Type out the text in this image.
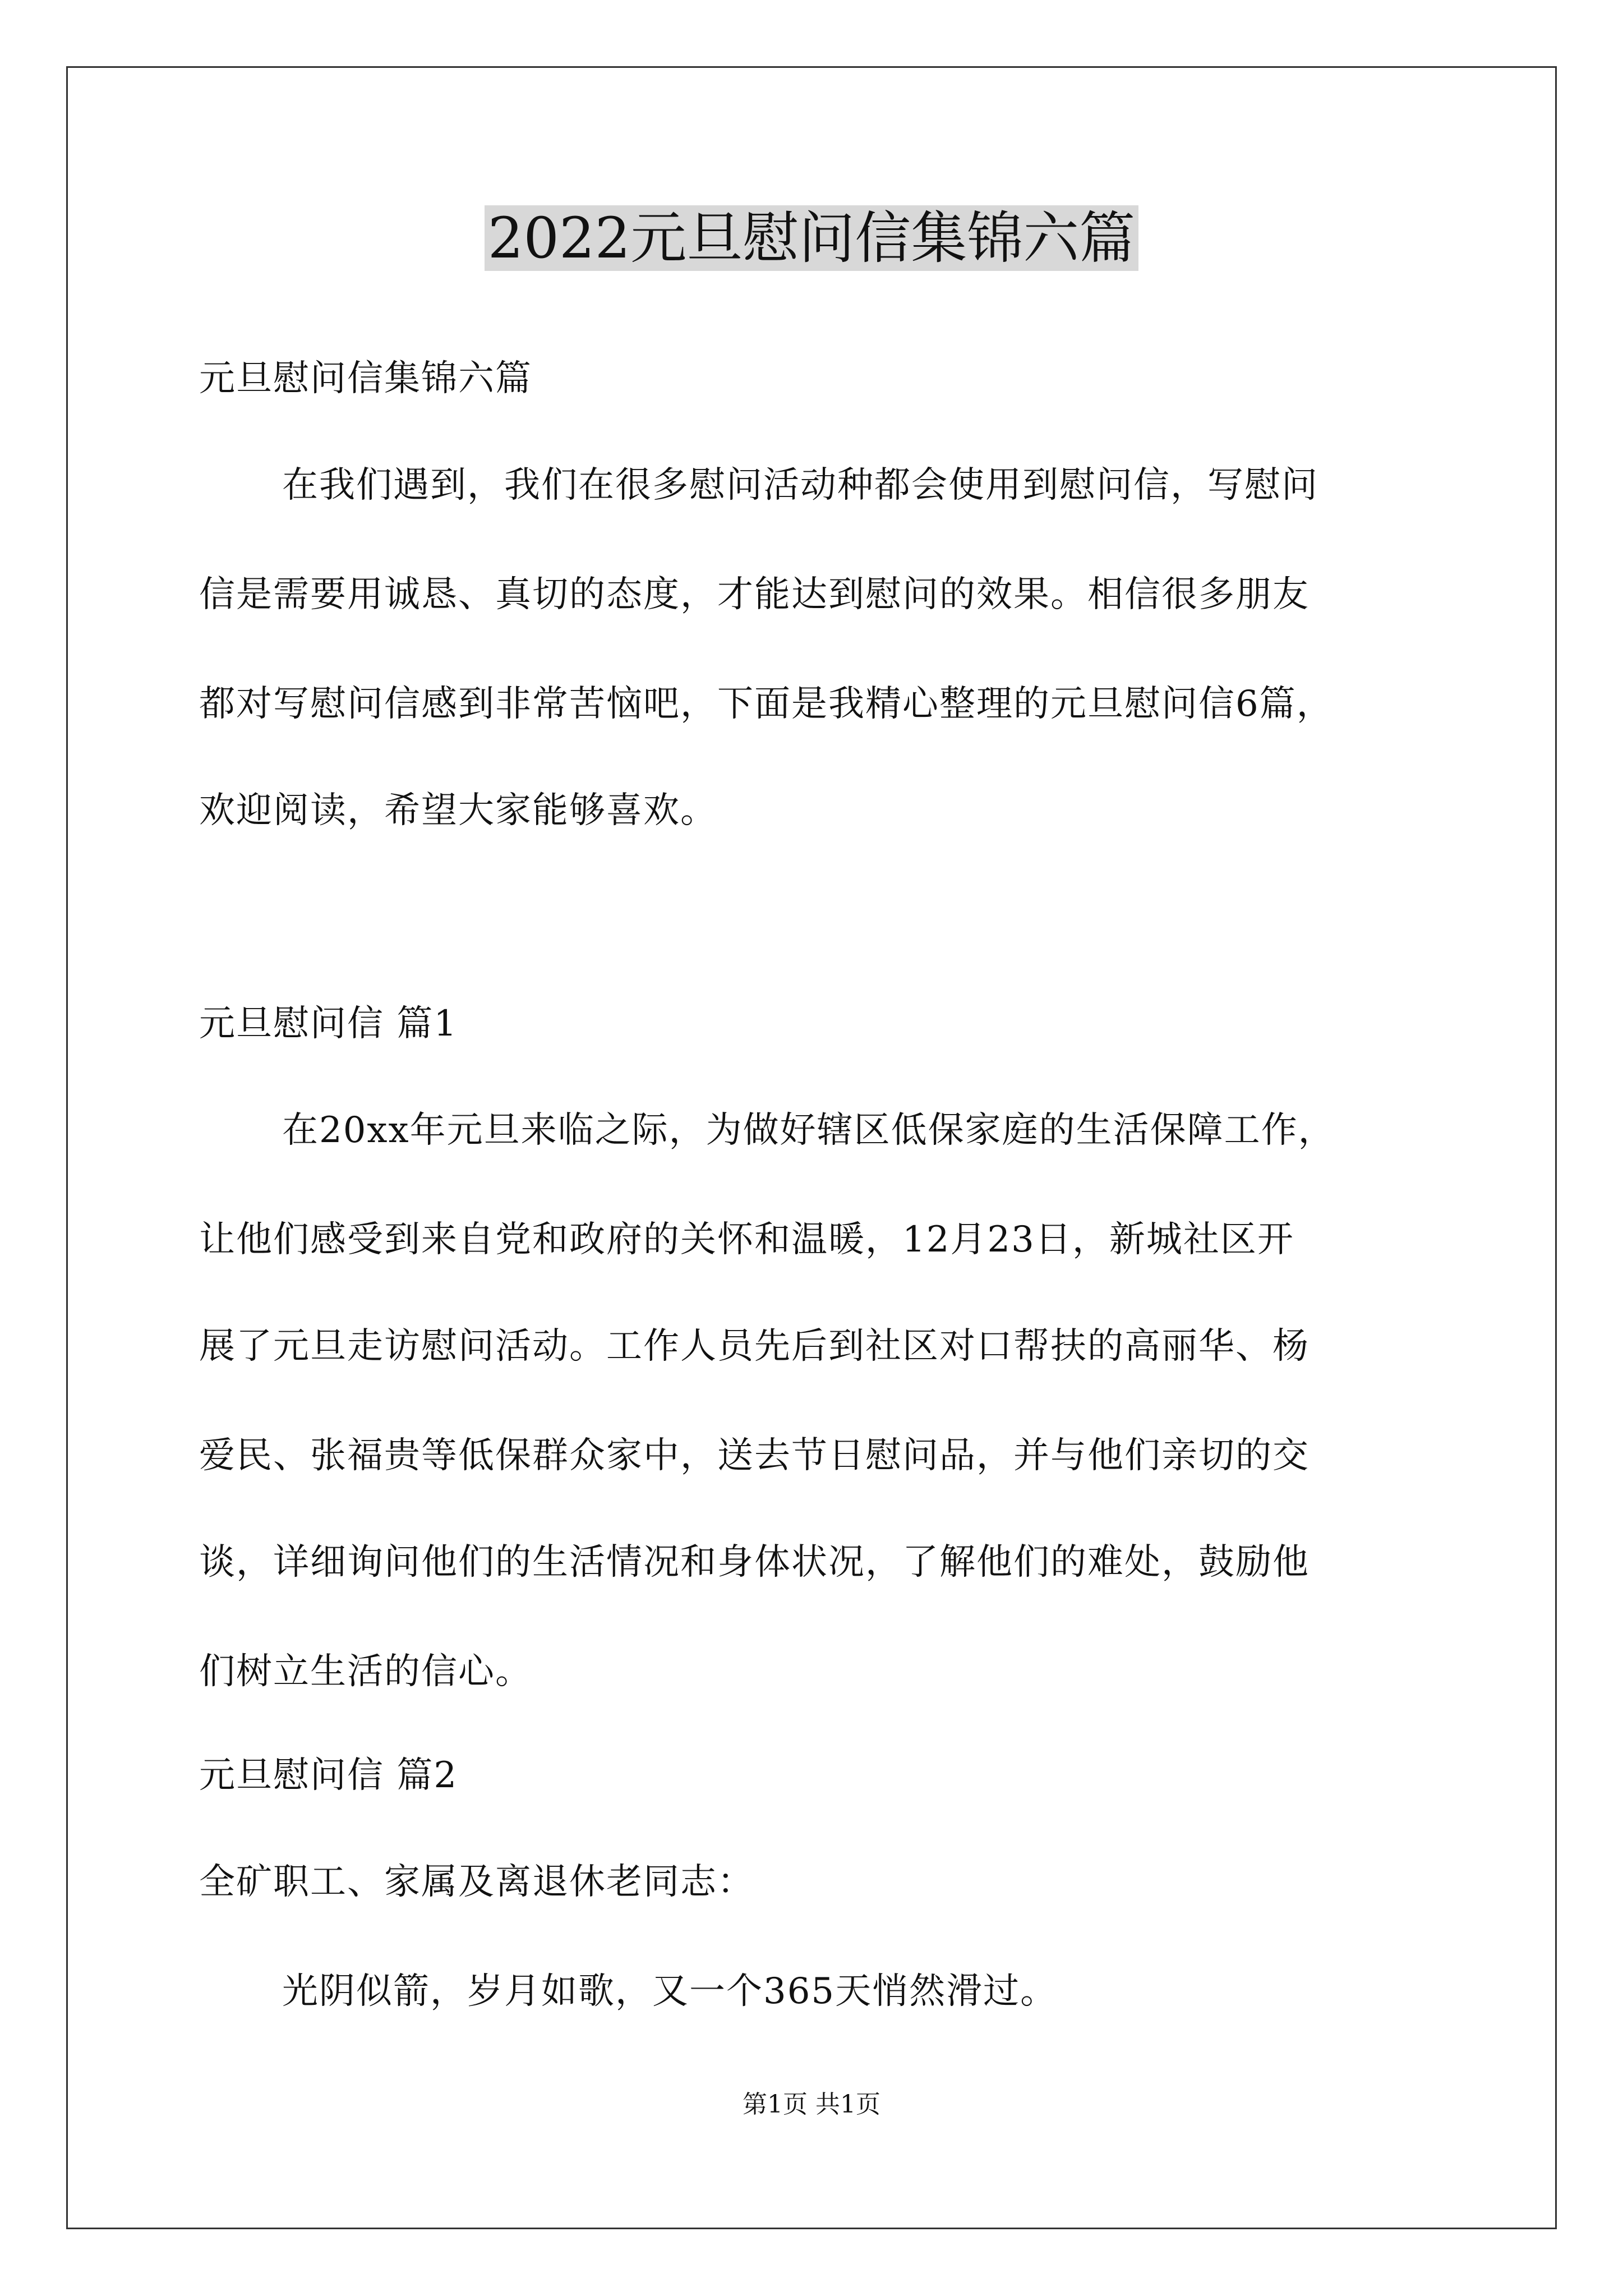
2022元旦慰问信集锦六篇
元旦慰问信集锦六篇
在我们遇到，我们在很多慰问活动种都会使用到慰问信，写慰问
信是需要用诚恳、真切的态度，才能达到慰问的效果。相信很多朋友
都对写慰问信感到非常苦恼吧，下面是我精心整理的元旦慰问信6篇，
欢迎阅读，希望大家能够喜欢。
元旦慰问信 篇1
在20xx年元旦来临之际，为做好辖区低保家庭的生活保障工作，
让他们感受到来自党和政府的关怀和温暖，12月23日，新城社区开
展了元旦走访慰问活动。工作人员先后到社区对口帮扶的高丽华、杨
爱民、张福贵等低保群众家中，送去节日慰问品，并与他们亲切的交
谈，详细询问他们的生活情况和身体状况，了解他们的难处，鼓励他
们树立生活的信心。
元旦慰问信 篇2
全矿职工、家属及离退休老同志：
光阴似箭，岁月如歌，又一个365天悄然滑过。
第1页 共1页
